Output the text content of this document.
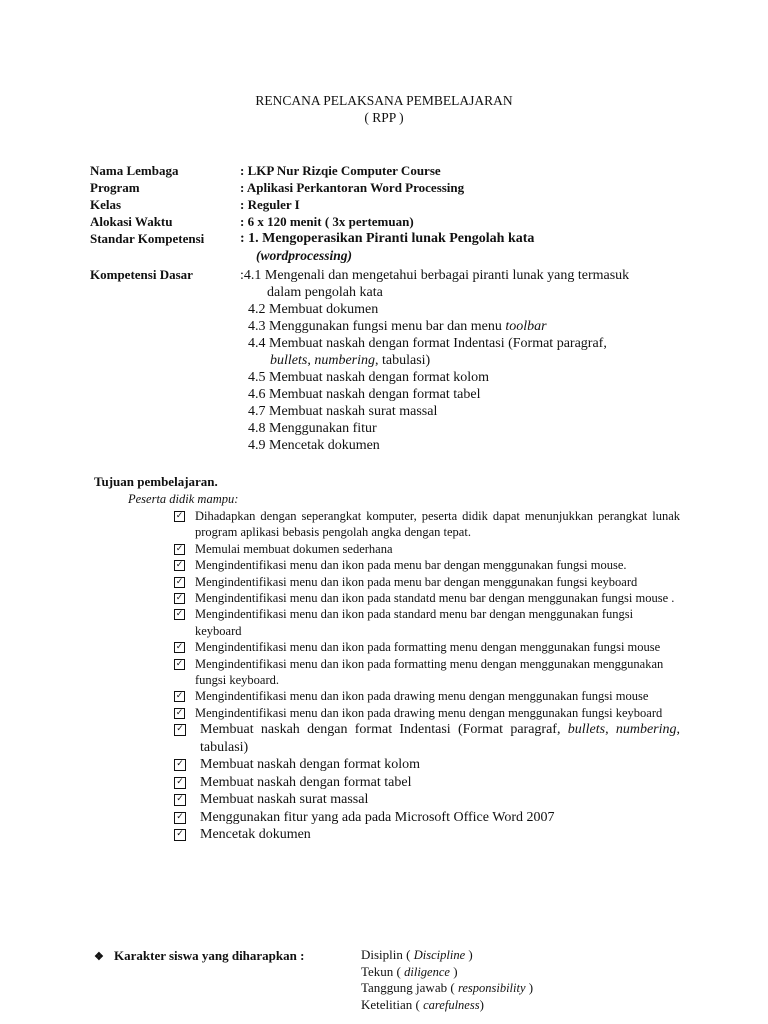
RENCANA PELAKSANA PEMBELAJARAN
( RPP )
Nama Lembaga	: LKP Nur Rizqie Computer Course
Program	: Aplikasi Perkantoran Word Processing
Kelas	: Reguler I
Alokasi Waktu	: 6 x 120 menit ( 3x pertemuan)
Standar Kompetensi	: 1. Mengoperasikan Piranti lunak Pengolah kata
(wordprocessing)
Kompetensi Dasar	:4.1 Mengenali dan mengetahui berbagai piranti lunak yang termasuk
dalam pengolah kata
4.2 Membuat dokumen
4.3 Menggunakan fungsi menu bar dan menu toolbar
4.4 Membuat naskah dengan format Indentasi (Format paragraf,
bullets, numbering, tabulasi)
4.5 Membuat naskah dengan format kolom
4.6 Membuat naskah dengan format tabel
4.7 Membuat naskah surat massal
4.8 Menggunakan fitur
4.9 Mencetak dokumen
Tujuan pembelajaran.
Peserta didik mampu:
✓ Dihadapkan dengan seperangkat komputer, peserta didik dapat menunjukkan perangkat lunak program aplikasi bebasis pengolah angka dengan tepat.
✓ Memulai membuat dokumen sederhana
✓ Mengindentifikasi menu dan ikon pada menu bar dengan menggunakan fungsi mouse.
✓ Mengindentifikasi menu dan ikon pada menu bar dengan menggunakan fungsi keyboard
✓ Mengindentifikasi menu dan ikon pada standatd menu bar dengan menggunakan fungsi mouse .
✓ Mengindentifikasi menu dan ikon pada standard menu bar dengan menggunakan fungsi keyboard
✓ Mengindentifikasi menu dan ikon pada formatting menu dengan menggunakan fungsi mouse
✓ Mengindentifikasi menu dan ikon pada formatting menu dengan menggunakan menggunakan fungsi keyboard.
✓ Mengindentifikasi menu dan ikon pada drawing menu dengan menggunakan fungsi mouse
✓ Mengindentifikasi menu dan ikon pada drawing menu dengan menggunakan fungsi keyboard
✓ Membuat naskah dengan format Indentasi (Format paragraf, bullets, numbering, tabulasi)
✓ Membuat naskah dengan format kolom
✓ Membuat naskah dengan format tabel
✓ Membuat naskah surat massal
✓ Menggunakan fitur yang ada pada Microsoft Office Word 2007
✓ Mencetak dokumen
❖ Karakter siswa yang diharapkan :	Disiplin ( Discipline )
Tekun ( diligence )
Tanggung jawab ( responsibility )
Ketelitian ( carefulness)
